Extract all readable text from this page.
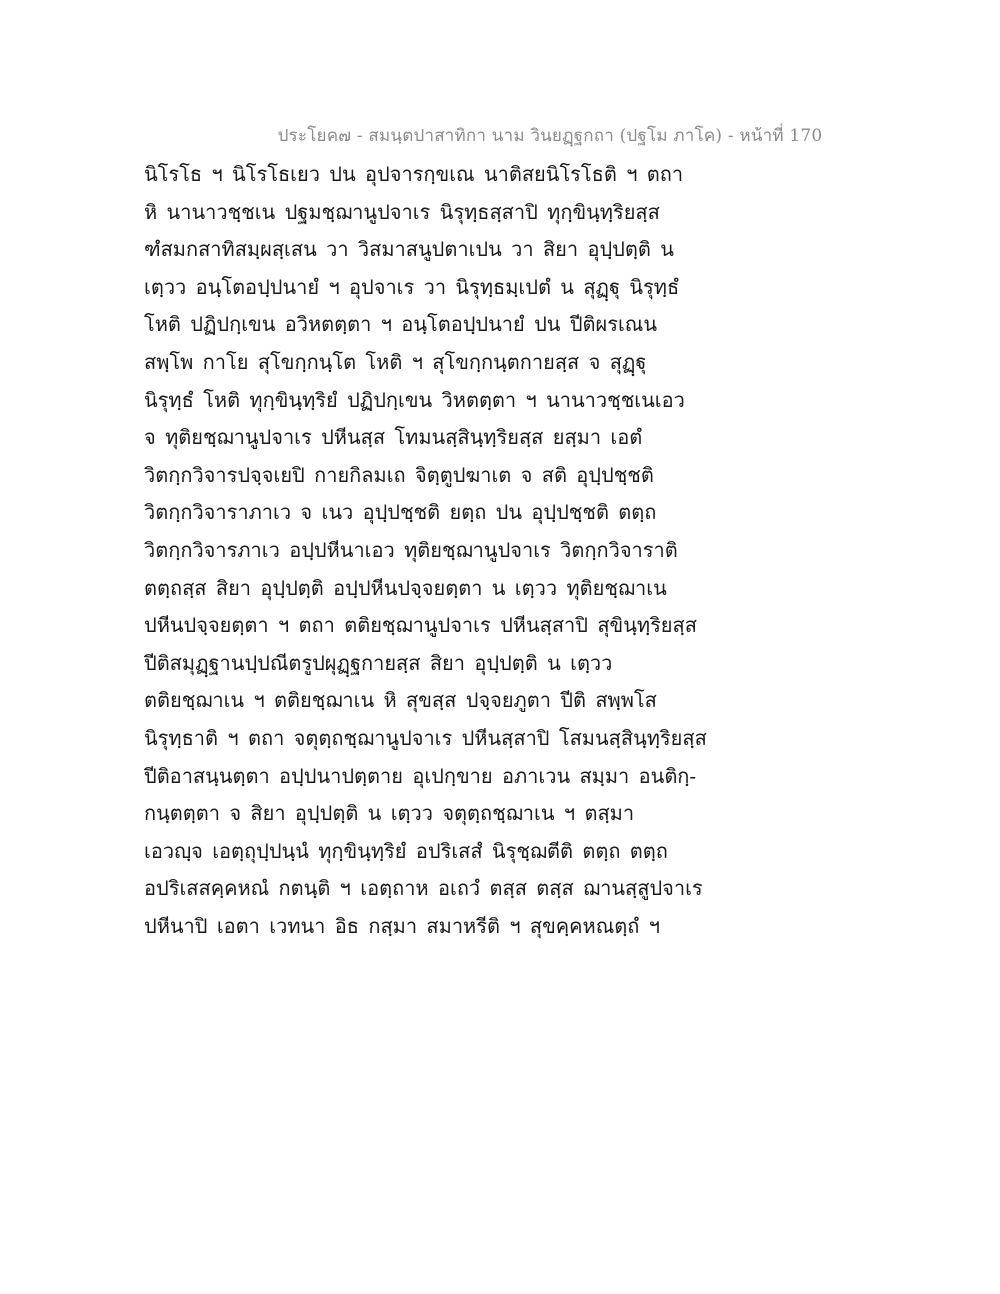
ประโยค๗ - สมนฺตปาสาทิกา นาม วินยฏฺฐกถา (ปฐโม ภาโค) - หน้าที่ 170
นิโรโธ ฯ นิโรโธเยว ปน อุปจารกฺขเณ นาติสยนิโรโธติ ฯ ตถา
หิ นานาวชฺชเน ปฐมชฺฌานูปจาเร นิรุทฺธสฺสาปิ ทุกฺขินฺทฺริยสฺส
ฑํสมกสาทิสมฺผสฺเสน วา วิสมาสนูปตาเปน วา สิยา อุปฺปตฺติ น
เตฺวว อนฺโตอปฺปนายํ ฯ อุปจาเร วา นิรุทฺธมฺเปตํ น สุฏฺฐุ นิรุทฺธํ
โหติ ปฏิปกฺเขน อวิหตตฺตา ฯ อนฺโตอปฺปนายํ ปน ปีติผรเณน
สพฺโพ กาโย สุโขกฺกนฺโต โหติ ฯ สุโขกฺกนฺตกายสฺส จ สุฏฺฐุ
นิรุทฺธํ โหติ ทุกฺขินฺทฺริยํ ปฏิปกฺเขน วิหตตฺตา ฯ นานาวชฺชเนเอว
จ ทุติยชฺฌานูปจาเร ปหีนสฺส โทมนสฺสินฺทฺริยสฺส ยสฺมา เอตํ
วิตกฺกวิจารปจฺจเยปิ กายกิลมเถ จิตฺตูปฆาเต จ สติ อุปฺปชฺชติ
วิตกฺกวิจาราภาเว จ เนว อุปฺปชฺชติ ยตฺถ ปน อุปฺปชฺชติ ตตฺถ
วิตกฺกวิจารภาเว อปฺปหีนาเอว ทุติยชฺฌานูปจาเร วิตกฺกวิจาราติ
ตตฺถสฺส สิยา อุปฺปตฺติ อปฺปหีนปจฺจยตฺตา น เตฺวว ทุติยชฺฌาเน
ปหีนปจฺจยตฺตา ฯ ตถา ตติยชฺฌานูปจาเร ปหีนสฺสาปิ สุขินฺทฺริยสฺส
ปีติสมุฏฺฐานปฺปณีตรูปผุฏฺฐกายสฺส สิยา อุปฺปตฺติ น เตฺวว
ตติยชฺฌาเน ฯ ตติยชฺฌาเน หิ สุขสฺส ปจฺจยภูตา ปีติ สพฺพโส
นิรุทฺธาติ ฯ ตถา จตุตฺถชฺฌานูปจาเร ปหีนสฺสาปิ โสมนสฺสินฺทฺริยสฺส
ปีติอาสนฺนตฺตา อปฺปนาปตฺตาย อุเปกฺขาย อภาเวน สมฺมา อนติกฺ-
กนฺตตฺตา จ สิยา อุปฺปตฺติ น เตฺวว จตุตฺถชฺฌาเน ฯ ตสฺมา
เอวญฺจ เอตฺถุปฺปนฺนํ ทุกฺขินฺทฺริยํ อปริเสสํ นิรุชฺฌตีติ ตตฺถ ตตฺถ
อปริเสสคฺคหณํ กตนฺติ ฯ เอตฺถาห อเถวํ ตสฺส ตสฺส ฌานสฺสูปจาเร
ปหีนาปิ เอตา เวทนา อิธ กสฺมา สมาหรีติ ฯ สุขคฺคหณตฺถํ ฯ
